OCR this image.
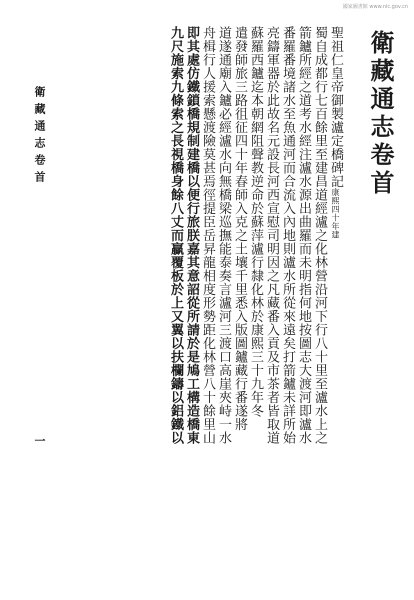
國家圖書館 www.nlc.gov.cn
衛藏通志卷首
聖祖仁皇帝御製瀘定橋碑記康熙四十年建
蜀自成都行七百餘里至建昌道經瀘之化林營沿河下行八十里至瀘水上之
箭鑪所經之道考水經注瀘水源出曲羅而未明指何地按圖志大渡河即瀘水
番羅番境諸水至魚通河而合流入內地則瀘水所從來遠矣打箭鑪未詳所始
亮鑄軍器於此故名元設長河西宣慰司明因之凡藏番入貢及市茶者皆取道
蘇羅西鑪迄本朝網阻聲教逆命於蘇萍瀘行隸化林於康熙三十九年冬
遣發師旅三路徂征四十年春師入克之土壤千里悉入版圖鑪藏行番遂將
道遂通廟入鑪必經瀘水向無橋梁巡撫能泰奏言瀘河三渡口高崖夾峙一水
舟楫行人援索懸渡險莫甚焉徑提臣岳昇龍相度形勢距化林營八十餘里山
即其處仿鐵鎖橋規制建橋以便行旅朕嘉其意詔從所請於是鳩工構造橋東
九尺施索九條索之長視橋身餘八丈而贏覆板於上又翼以扶欄鑄以鋁鐵以
衛藏通志卷首
一
